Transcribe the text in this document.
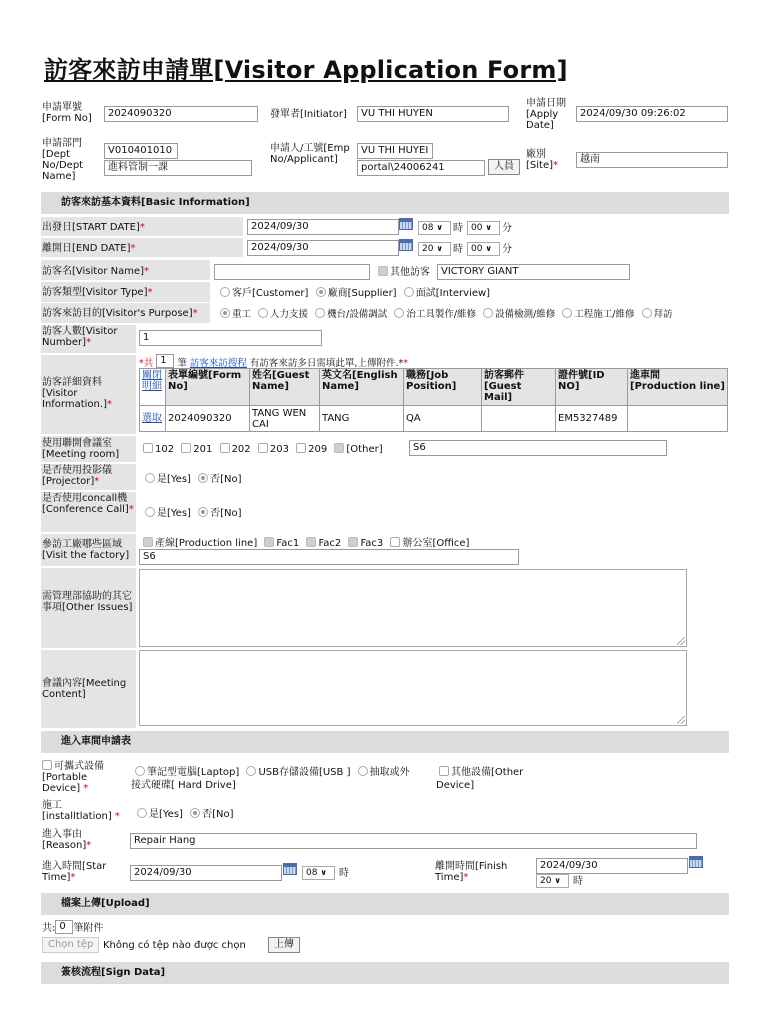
訪客來訪申請單[Visitor Application Form]
申請單號[Form No]	2024090320	發單者[Initiator]	VU THI HUYEN
申請日期[Apply Date]
2024/09/30 09:26:02
申請部門[Dept No/Dept Name]
V010401010
進料管制一課
申請人/工號[Emp No/Applicant]
VU THI HUYEI
portal\24006241	人員
廠別[Site]*
越南
訪客來訪基本資料[Basic Information]
出發日[START DATE]*	2024/09/30	08 ∨	時 00 ∨	分
離開日[END DATE]*	2024/09/30	20 ∨	時 00 ∨	分
訪客名[Visitor Name]*	其他訪客	VICTORY GIANT
訪客類型[Visitor Type]*	客戶[Customer] 廠商[Supplier] 面試[Interview]
訪客來訪目的[Visitor's Purpose]*	重工 人力支援 機台/設備調試 治工具製作/維修 設備檢測/維修 工程施工/維修 拜訪
訪客人數[Visitor Number]*	1
訪客詳細資料[Visitor Information.]*
*共 1 筆 訪客來訪搜程 有訪客來訪多日需填此單,上傳附件.**
關閉明細	表單編號[Form No]	姓名[Guest Name]	英文名[English Name]	職務[Job Position]	訪客郵件[Guest Mail]	證件號[ID NO]	進車間[Production line]
選取	2024090320	TANG WEN CAI	TANG	QA		EM5327489	
使用聯開會議室[Meeting room]	102 201 202 203 209 [Other]	S6
是否使用投影儀[Projector]*	是[Yes] 否[No]
是否使用concall機[Conference Call]*	是[Yes] 否[No]
參訪工廠哪些區域[Visit the factory]
產線[Production line] Fac1 Fac2 Fac3 辦公室[Office]
S6
需管理部協助的其它事項[Other Issues]
會議內容[Meeting Content]
進入車間申請表
可攜式設備[Portable Device] *
筆記型電腦[Laptop] USB存儲設備[USB ] 抽取或外
接式硬碟[ Hard Drive]
其他設備[Other
Device]
施工[installtlation] *	是[Yes] 否[No]
進入事由[Reason]*	Repair Hang
進入時間[Star Time]*	2024/09/30	08 ∨	時
離開時間[Finish Time]*
2024/09/30
20 ∨	時
檔案上傳[Upload]
共: 0 筆附件
Chọn tệp Không có tệp nào được chọn	上傳
簽核流程[Sign Data]
